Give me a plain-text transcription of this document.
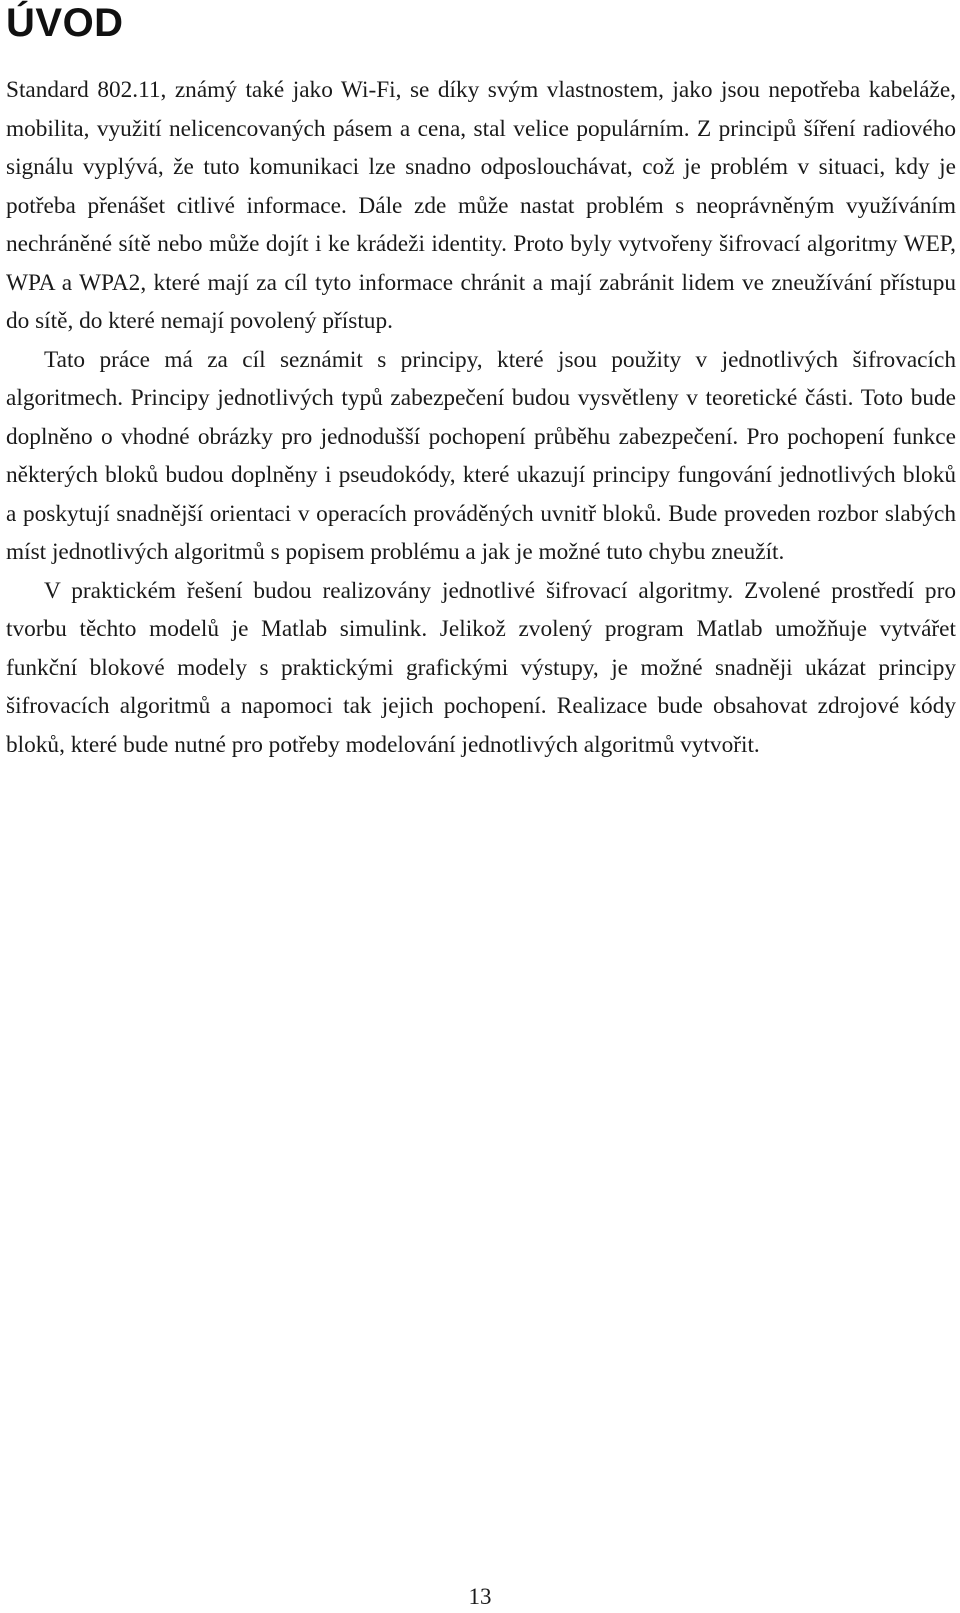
ÚVOD

Standard 802.11, známý také jako Wi-Fi, se díky svým vlastnostem, jako jsou nepotřeba kabeláže, mobilita, využití nelicencovaných pásem a cena, stal velice populárním. Z principů šíření radiového signálu vyplývá, že tuto komunikaci lze snadno odposlouchávat, což je problém v situaci, kdy je potřeba přenášet citlivé informace. Dále zde může nastat problém s neoprávněným využíváním nechráněné sítě nebo může dojít i ke krádeži identity. Proto byly vytvořeny šifrovací algoritmy WEP, WPA a WPA2, které mají za cíl tyto informace chránit a mají zabránit lidem ve zneužívání přístupu do sítě, do které nemají povolený přístup.

Tato práce má za cíl seznámit s principy, které jsou použity v jednotlivých šifrovacích algoritmech. Principy jednotlivých typů zabezpečení budou vysvětleny v teoretické části. Toto bude doplněno o vhodné obrázky pro jednodušší pochopení průběhu zabezpečení. Pro pochopení funkce některých bloků budou doplněny i pseudokódy, které ukazují principy fungování jednotlivých bloků a poskytují snadnější orientaci v operacích prováděných uvnitř bloků. Bude proveden rozbor slabých míst jednotlivých algoritmů s popisem problému a jak je možné tuto chybu zneužít.

V praktickém řešení budou realizovány jednotlivé šifrovací algoritmy. Zvolené prostředí pro tvorbu těchto modelů je Matlab simulink. Jelikož zvolený program Matlab umožňuje vytvářet funkční blokové modely s praktickými grafickými výstupy, je možné snadněji ukázat principy šifrovacích algoritmů a napomoci tak jejich pochopení. Realizace bude obsahovat zdrojové kódy bloků, které bude nutné pro potřeby modelování jednotlivých algoritmů vytvořit.

13
